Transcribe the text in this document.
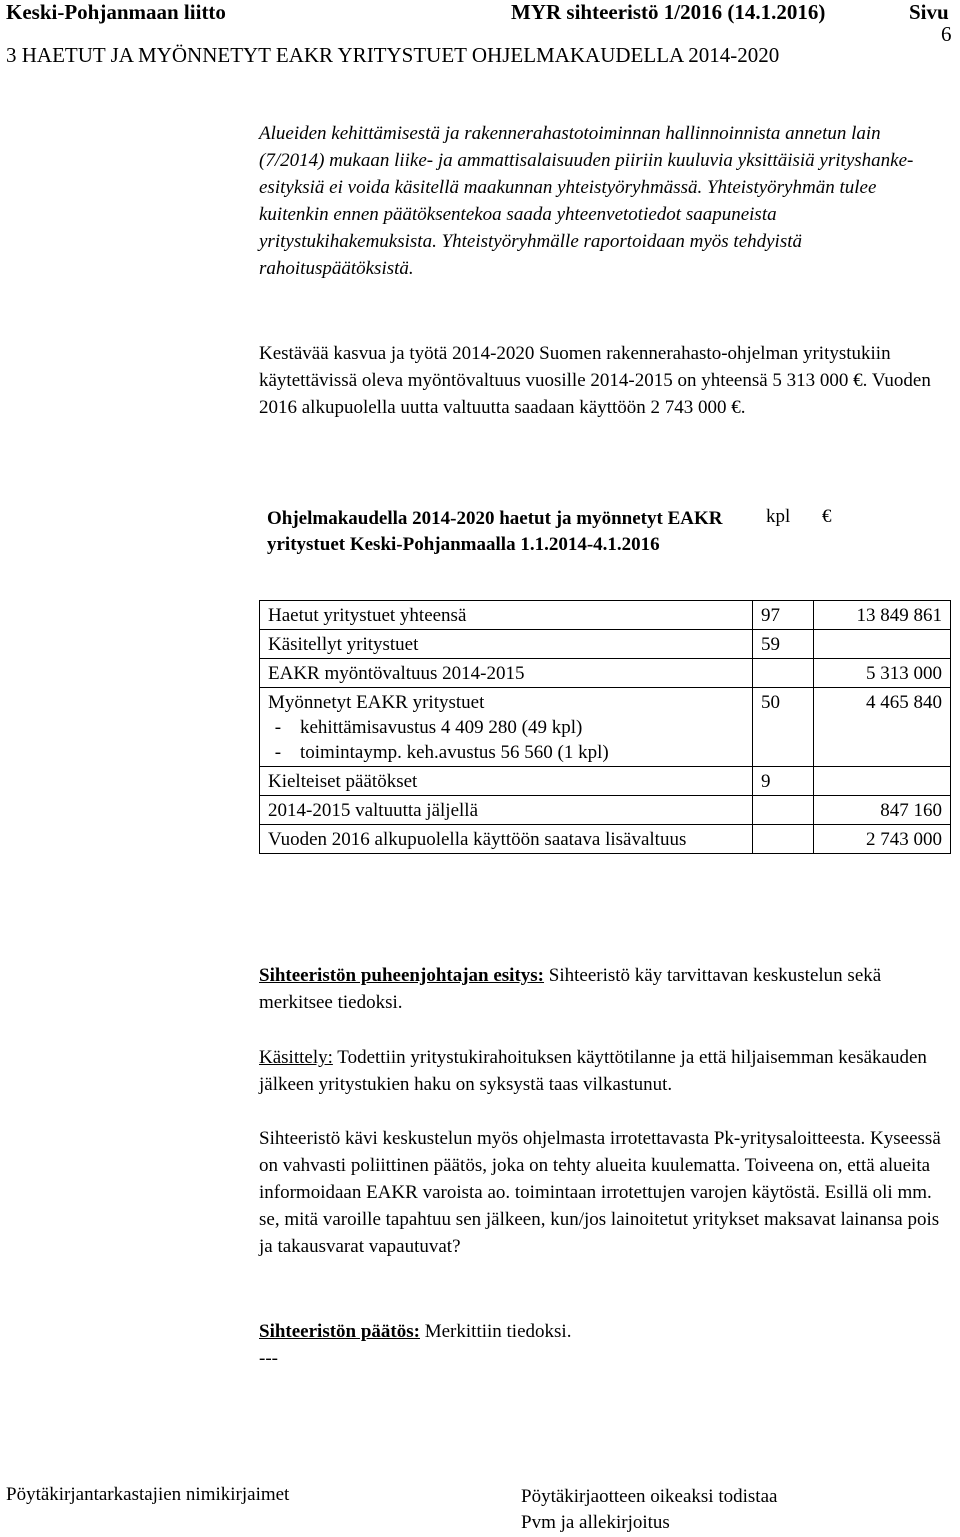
Keski-Pohjanmaan liitto	MYR sihteeristö 1/2016 (14.1.2016)	Sivu
6
3 HAETUT JA MYÖNNETYT EAKR YRITYSTUET OHJELMAKAUDELLA 2014-2020
Alueiden kehittämisestä ja rakennerahastotoiminnan hallinnoinnista annetun lain (7/2014) mukaan liike- ja ammattisalaisuuden piiriin kuuluvia yksittäisiä yrityshanke-esityksiä ei voida käsitellä maakunnan yhteistyöryhmässä. Yhteistyöryhmän tulee kuitenkin ennen päätöksentekoa saada yhteenvetotiedot saapuneista yritystukihakemuksista. Yhteistyöryhmälle raportoidaan myös tehdyistä rahoituspäätöksistä.
Kestävää kasvua ja työtä 2014-2020 Suomen rakennerahasto-ohjelman yritystukiin käytettävissä oleva myöntövaltuus vuosille 2014-2015 on yhteensä 5 313 000 €. Vuoden 2016 alkupuolella uutta valtuutta saadaan käyttöön 2 743 000 €.
Ohjelmakaudella 2014-2020 haetut ja myönnetyt EAKR yritystuet Keski-Pohjanmaalla 1.1.2014-4.1.2016
kpl €
Haetut yritystuet yhteensä	97	13 849 861
Käsitellyt yritystuet	59	
EAKR myöntövaltuus 2014-2015		5 313 000
Myönnetyt EAKR yritystuet
- kehittämisavustus 4 409 280 (49 kpl)
- toimintaymp. keh.avustus 56 560 (1 kpl)	50	4 465 840
Kielteiset päätökset	9	
2014-2015 valtuutta jäljellä		847 160
Vuoden 2016 alkupuolella käyttöön saatava lisävaltuus		2 743 000
Sihteeristön puheenjohtajan esitys: Sihteeristö käy tarvittavan keskustelun sekä merkitsee tiedoksi.
Käsittely: Todettiin yritystukirahoituksen käyttötilanne ja että hiljaisemman kesäkauden jälkeen yritystukien haku on syksystä taas vilkastunut.
Sihteeristö kävi keskustelun myös ohjelmasta irrotettavasta Pk-yritysaloitteesta. Kyseessä on vahvasti poliittinen päätös, joka on tehty alueita kuulematta. Toiveena on, että alueita informoidaan EAKR varoista ao. toimintaan irrotettujen varojen käytöstä. Esillä oli mm. se, mitä varoille tapahtuu sen jälkeen, kun/jos lainoitetut yritykset maksavat lainansa pois ja takausvarat vapautuvat?
Sihteeristön päätös: Merkittiin tiedoksi.
---
Pöytäkirjantarkastajien nimikirjaimet	Pöytäkirjaotteen oikeaksi todistaa
Pvm ja allekirjoitus
